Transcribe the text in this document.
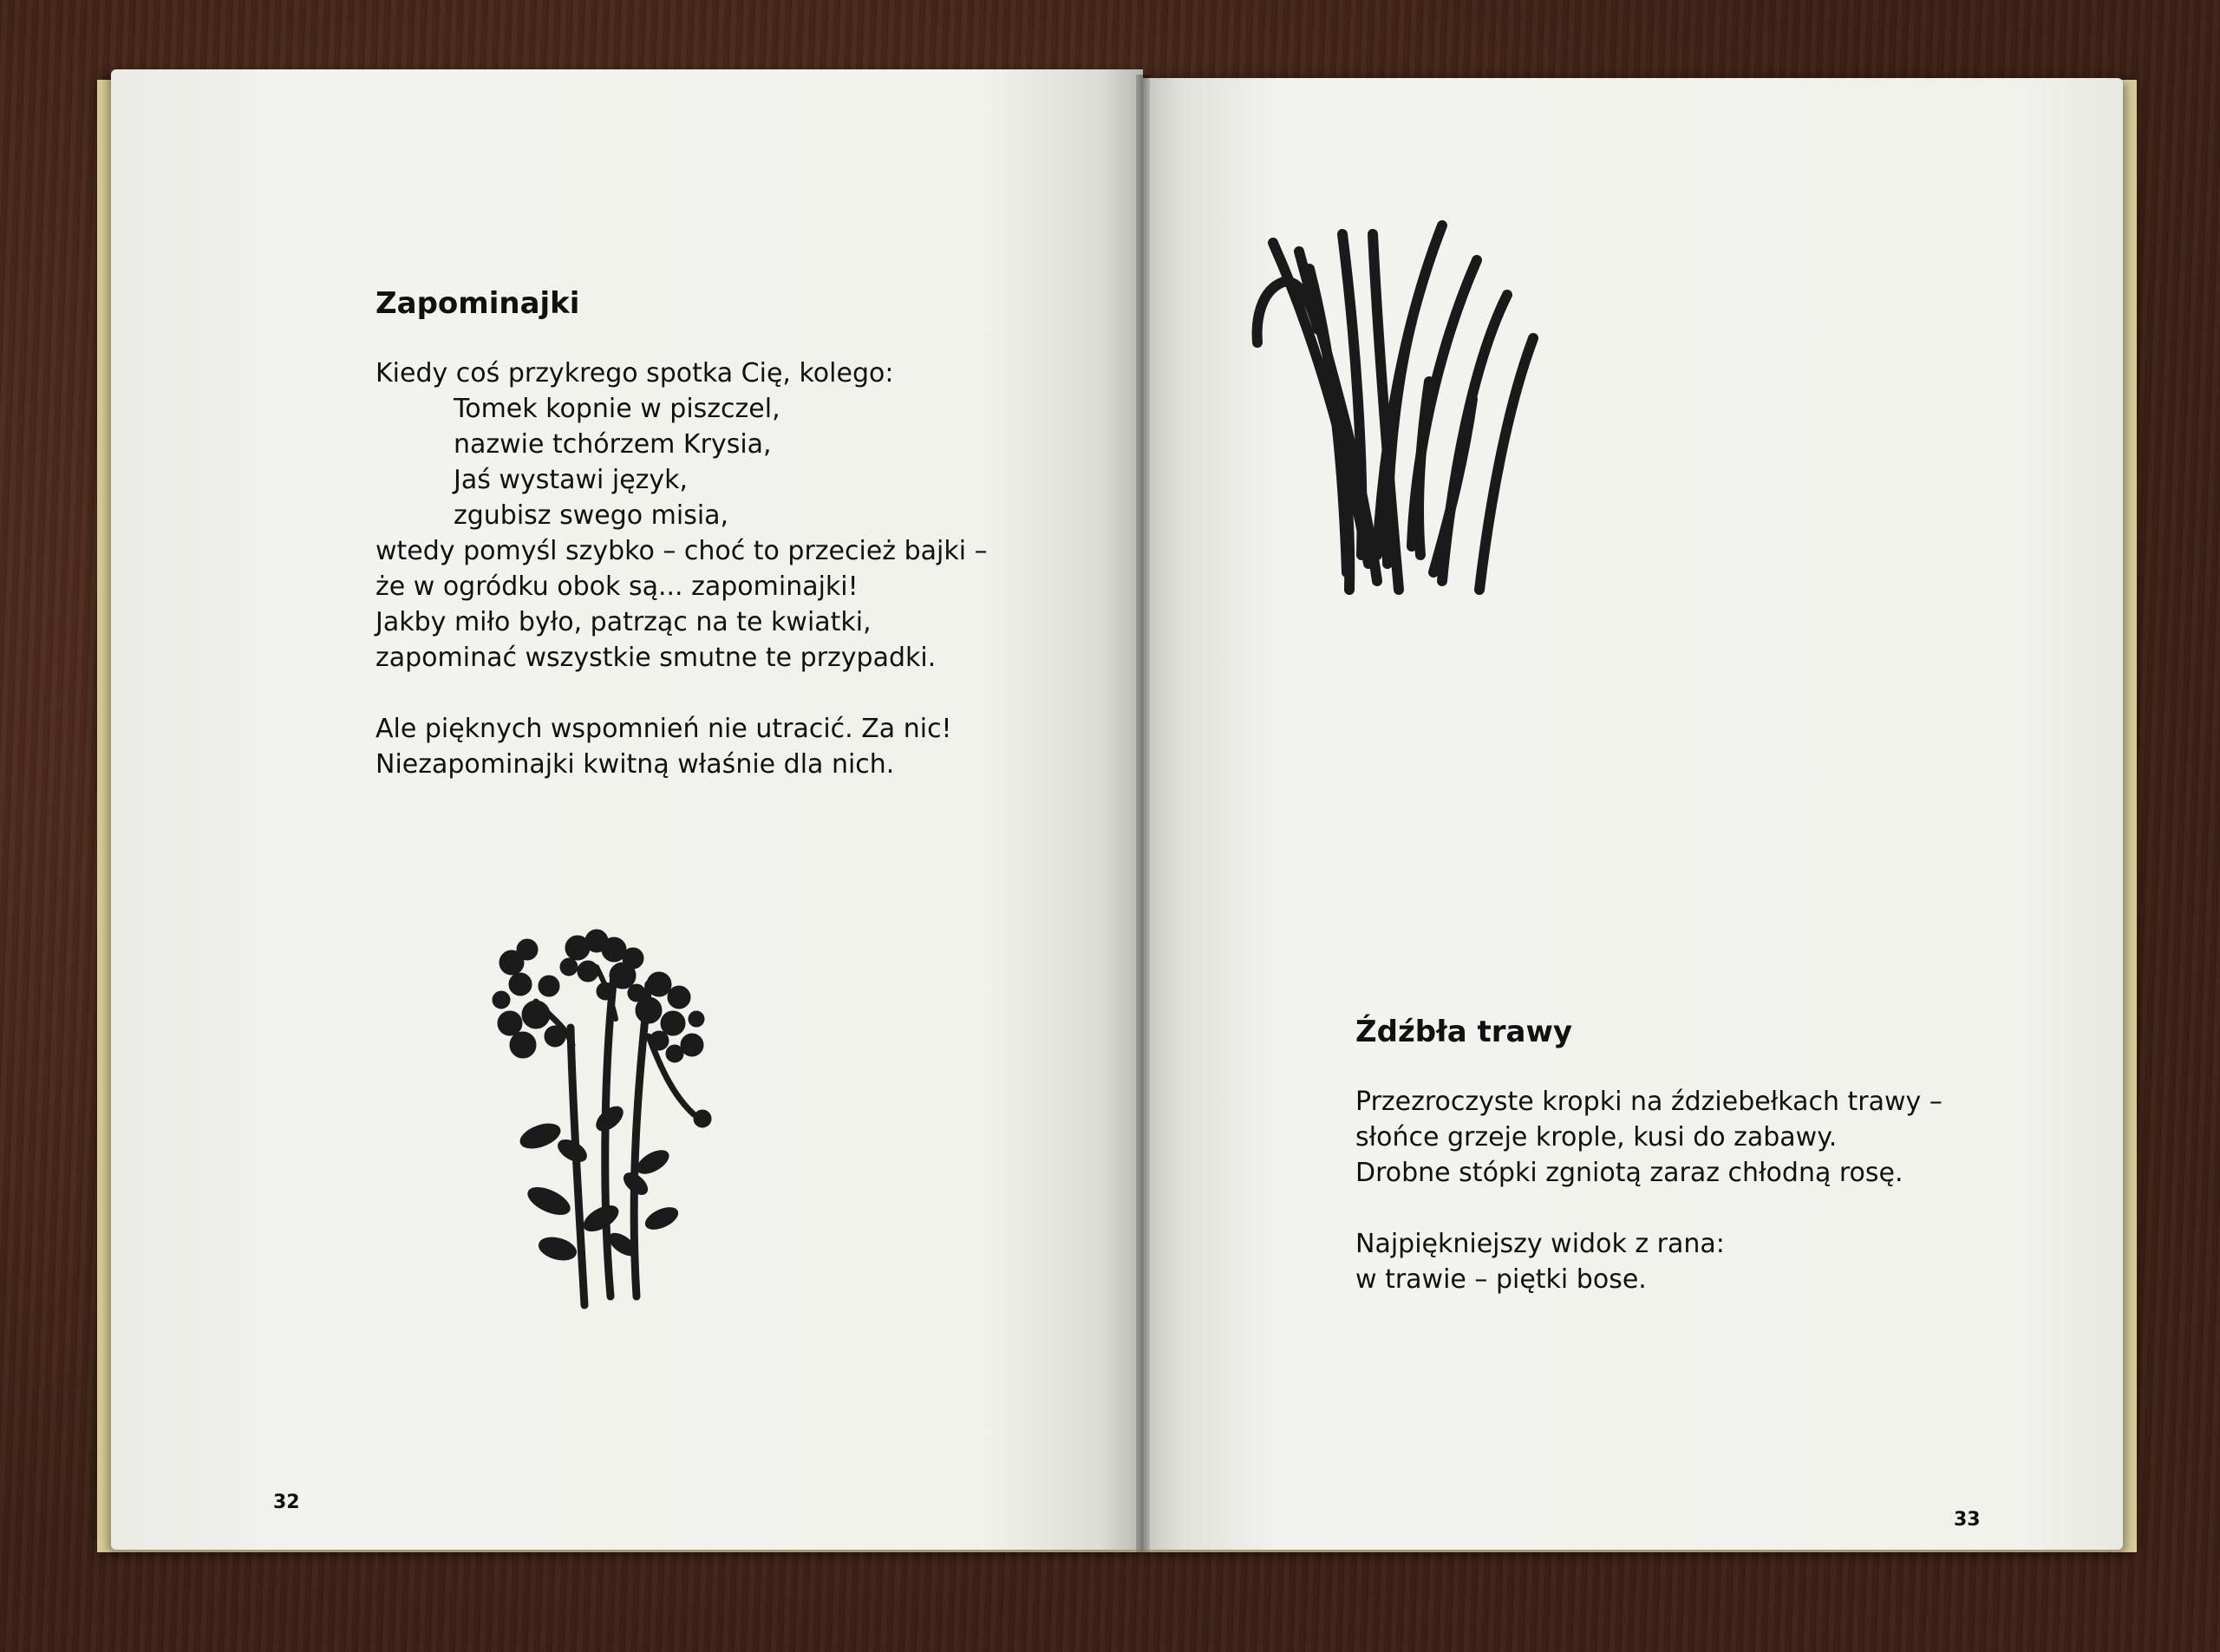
Zapominajki
Kiedy coś przykrego spotka Cię, kolego:
Tomek kopnie w piszczel,
nazwie tchórzem Krysia,
Jaś wystawi język,
zgubisz swego misia,
wtedy pomyśl szybko – choć to przecież bajki –
że w ogródku obok są... zapominajki!
Jakby miło było, patrząc na te kwiatki,
zapominać wszystkie smutne te przypadki.
Ale pięknych wspomnień nie utracić. Za nic!
Niezapominajki kwitną właśnie dla nich.
32
Źdźbła trawy
Przezroczyste kropki na ździebełkach trawy –
słońce grzeje krople, kusi do zabawy.
Drobne stópki zgniotą zaraz chłodną rosę.
Najpiękniejszy widok z rana:
w trawie – piętki bose.
33
